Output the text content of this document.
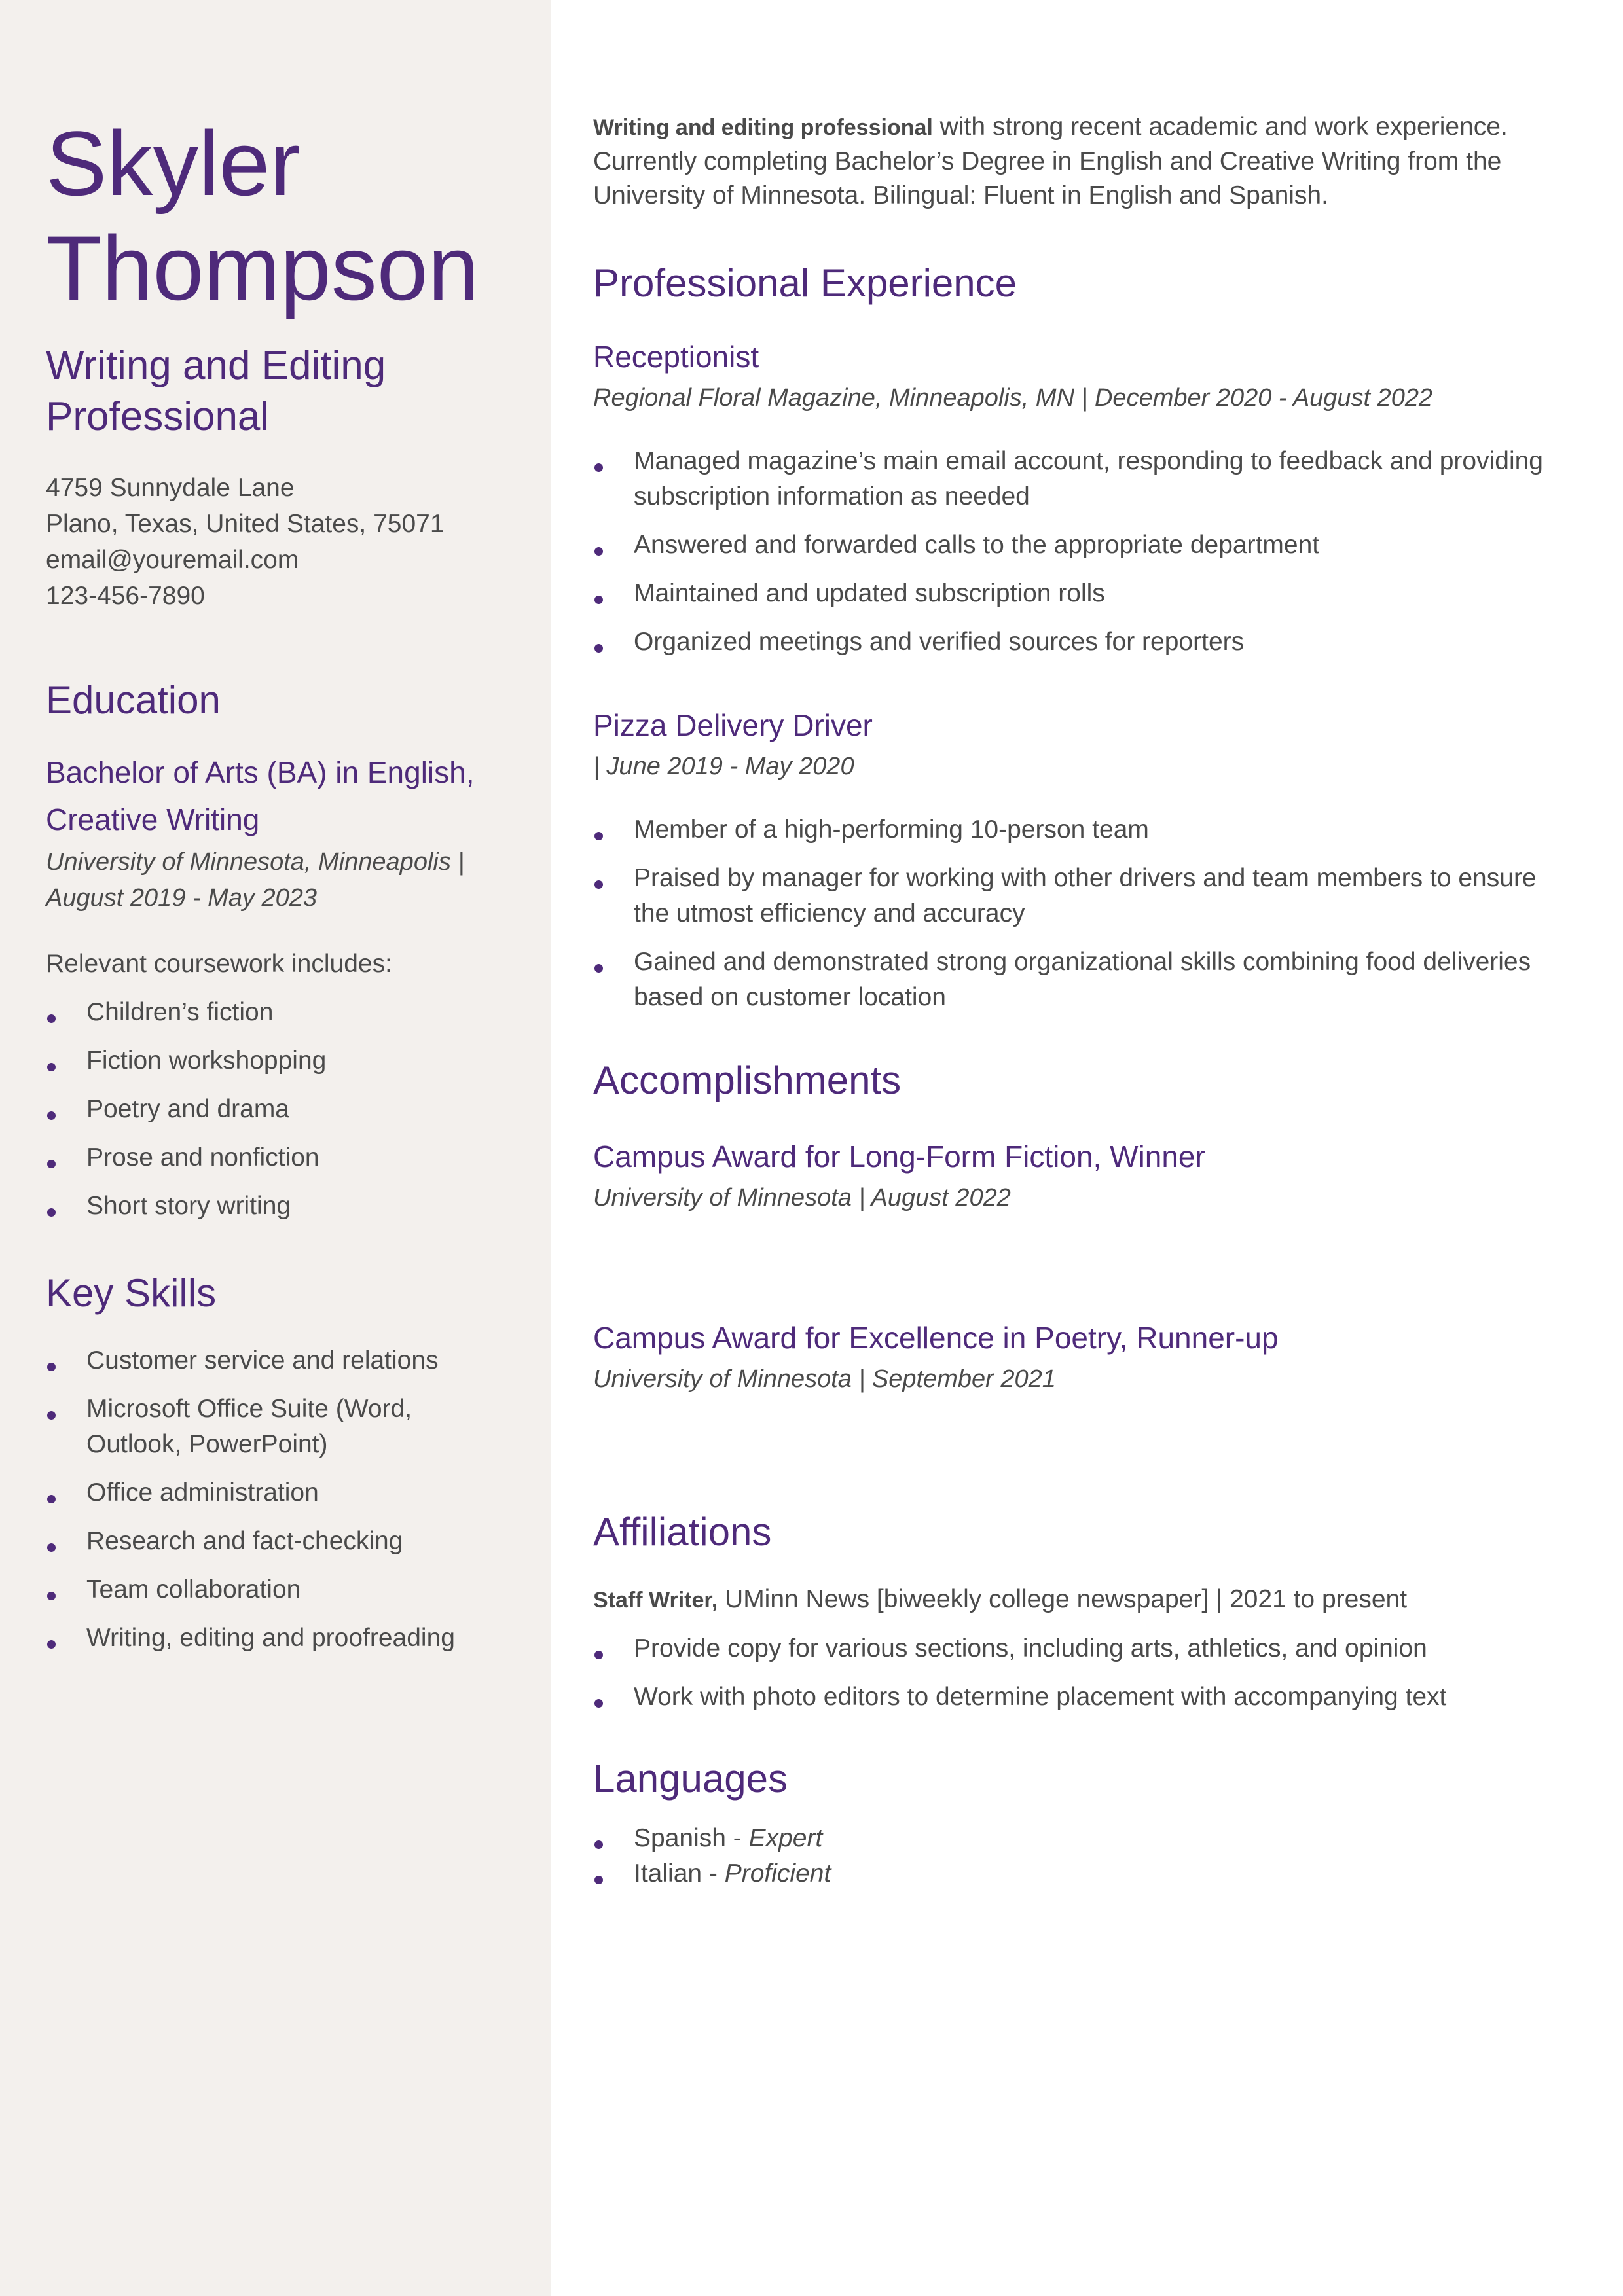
Skyler
Thompson
Writing and Editing Professional
4759 Sunnydale Lane
Plano, Texas, United States, 75071
email@youremail.com
123-456-7890
Education
Bachelor of Arts (BA) in English, Creative Writing
University of Minnesota, Minneapolis | August 2019 - May 2023
Relevant coursework includes:
Children’s fiction
Fiction workshopping
Poetry and drama
Prose and nonfiction
Short story writing
Key Skills
Customer service and relations
Microsoft Office Suite (Word, Outlook, PowerPoint)
Office administration
Research and fact-checking
Team collaboration
Writing, editing and proofreading
Writing and editing professional with strong recent academic and work experience. Currently completing Bachelor’s Degree in English and Creative Writing from the University of Minnesota. Bilingual: Fluent in English and Spanish.
Professional Experience
Receptionist
Regional Floral Magazine, Minneapolis, MN | December 2020 - August 2022
Managed magazine’s main email account, responding to feedback and providing subscription information as needed
Answered and forwarded calls to the appropriate department
Maintained and updated subscription rolls
Organized meetings and verified sources for reporters
Pizza Delivery Driver
| June 2019 - May 2020
Member of a high-performing 10-person team
Praised by manager for working with other drivers and team members to ensure the utmost efficiency and accuracy
Gained and demonstrated strong organizational skills combining food deliveries based on customer location
Accomplishments
Campus Award for Long-Form Fiction, Winner
University of Minnesota | August 2022
Campus Award for Excellence in Poetry, Runner-up
University of Minnesota | September 2021
Affiliations
Staff Writer, UMinn News [biweekly college newspaper] | 2021 to present
Provide copy for various sections, including arts, athletics, and opinion
Work with photo editors to determine placement with accompanying text
Languages
Spanish - Expert
Italian - Proficient
